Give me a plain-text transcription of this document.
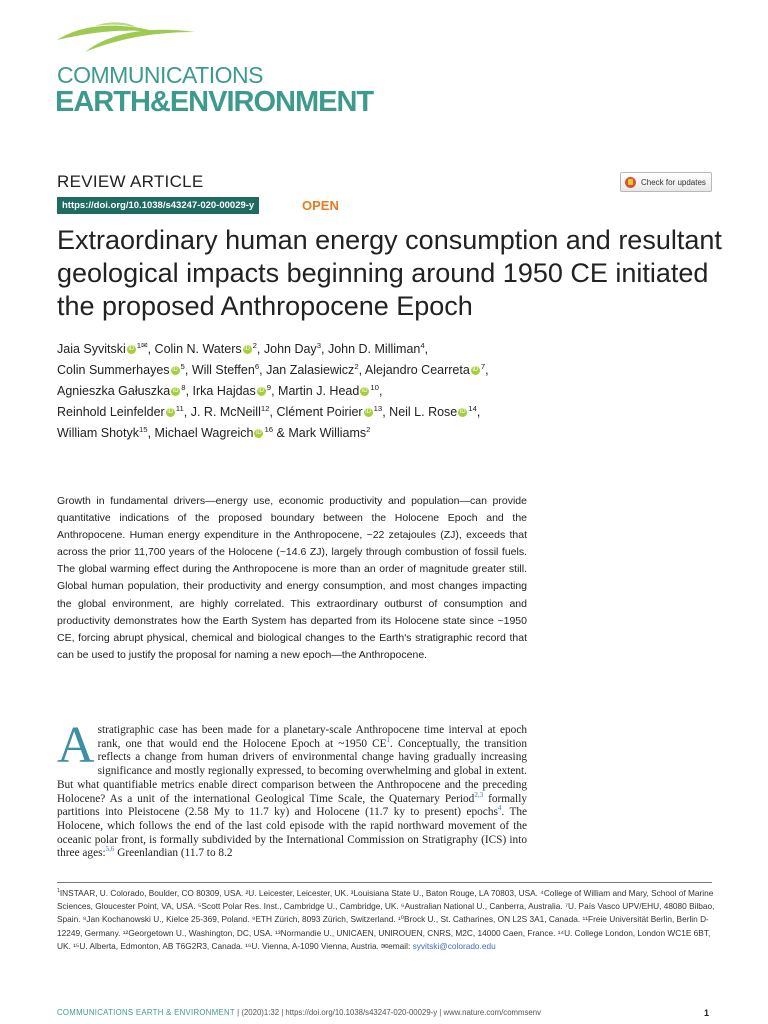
COMMUNICATIONS
EARTH&ENVIRONMENT
Check for updates
REVIEW ARTICLE
https://doi.org/10.1038/s43247-020-00029-y	OPEN
Extraordinary human energy consumption and resultant geological impacts beginning around 1950 CE initiated the proposed Anthropocene Epoch
Jaia Syvitski iD $^{1✉}$, Colin N. Waters iD $^2$, John Day$^3$, John D. Milliman$^4$,
Colin Summerhayes iD $^5$, Will Steffen$^6$, Jan Zalasiewicz$^2$, Alejandro Cearreta iD $^7$,
Agnieszka Gałuszka iD $^8$, Irka Hajdas iD $^9$, Martin J. Head iD $^{10}$,
Reinhold Leinfelder iD $^{11}$, J. R. McNeill$^{12}$, Clément Poirier iD $^{13}$, Neil L. Rose iD $^{14}$,
William Shotyk$^{15}$, Michael Wagreich iD $^{16}$ & Mark Williams$^2$
Growth in fundamental drivers—energy use, economic productivity and population—can provide quantitative indications of the proposed boundary between the Holocene Epoch and the Anthropocene. Human energy expenditure in the Anthropocene, ~22 zetajoules (ZJ), exceeds that across the prior 11,700 years of the Holocene (~14.6 ZJ), largely through combustion of fossil fuels. The global warming effect during the Anthropocene is more than an order of magnitude greater still. Global human population, their productivity and energy consumption, and most changes impacting the global environment, are highly correlated. This extraordinary outburst of consumption and productivity demonstrates how the Earth System has departed from its Holocene state since ~1950 CE, forcing abrupt physical, chemical and biological changes to the Earth's stratigraphic record that can be used to justify the proposal for naming a new epoch—the Anthropocene.
A stratigraphic case has been made for a planetary-scale Anthropocene time interval at epoch rank, one that would end the Holocene Epoch at ~1950 $CE^1$. Conceptually, the transition reflects a change from human drivers of environmental change having gradually increasing significance and mostly regionally expressed, to becoming overwhelming and global in extent. But what quantifiable metrics enable direct comparison between the Anthropocene and the preceding Holocene? As a unit of the international Geological Time Scale, the Quaternary Period$^{2,3}$ formally partitions into Pleistocene (2.58 My to 11.7 ky) and Holocene (11.7 ky to present) epochs$^4$. The Holocene, which follows the end of the last cold episode with the rapid northward movement of the oceanic polar front, is formally subdivided by the International Commission on Stratigraphy (ICS) into three ages:$^{5,6}$ Greenlandian (11.7 to 8.2
$^1$INSTAAR, U. Colorado, Boulder, CO 80309, USA. ²U. Leicester, Leicester, UK. ³Louisiana State U., Baton Rouge, LA 70803, USA. ⁴College of William and Mary, School of Marine Sciences, Gloucester Point, VA, USA. ⁵Scott Polar Res. Inst., Cambridge U., Cambridge, UK. ⁶Australian National U., Canberra, Australia. ⁷U. País Vasco UPV/EHU, 48080 Bilbao, Spain. ⁸Jan Kochanowski U., Kielce 25-369, Poland. ⁹ETH Zürich, 8093 Zürich, Switzerland. ¹⁰Brock U., St. Catharines, ON L2S 3A1, Canada. ¹¹Freie Universität Berlin, Berlin D-12249, Germany. ¹²Georgetown U., Washington, DC, USA. ¹³Normandie U., UNICAEN, UNIROUEN, CNRS, M2C, 14000 Caen, France. ¹⁴U. College London, London WC1E 6BT, UK. ¹⁵U. Alberta, Edmonton, AB T6G2R3, Canada. ¹⁶U. Vienna, A-1090 Vienna, Austria. ✉email: syvitski@colorado.edu
COMMUNICATIONS EARTH & ENVIRONMENT | (2020)1:32 | https://doi.org/10.1038/s43247-020-00029-y | www.nature.com/commsenv	1
